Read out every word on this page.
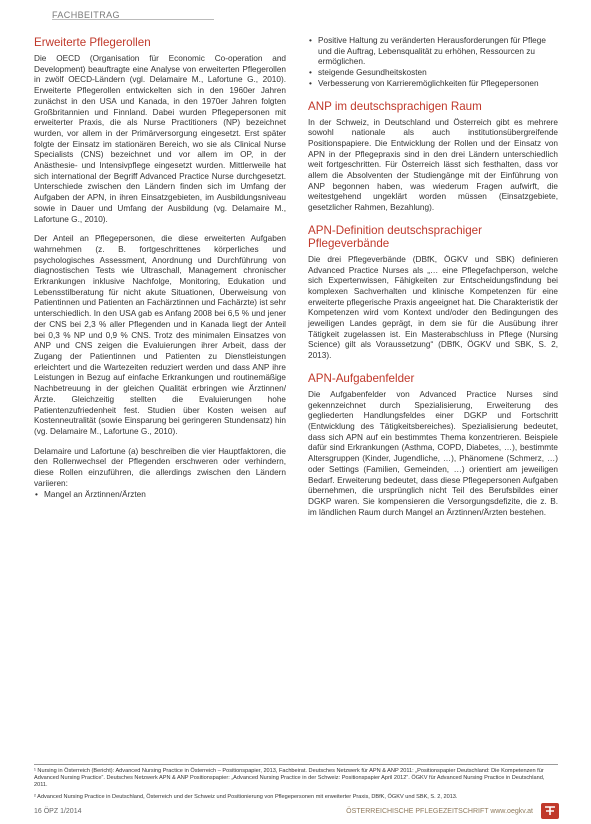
FACHBEITRAG
Erweiterte Pflegerollen

Die OECD (Organisation für Economic Co-operation and Development) beauftragte eine Analyse von erweiterten Pflegerollen in zwölf OECD-Ländern (vgl. Delamaire M., Lafortune G., 2010). Erweiterte Pflegerollen entwickelten sich in den 1960er Jahren zunächst in den USA und Kanada, in den 1970er Jahren folgten Großbritannien und Finnland. Dabei wurden Pflegepersonen mit erweiterter Praxis, die als Nurse Practitioners (NP) bezeichnet wurden, vor allem in der Primärversorgung eingesetzt. Erst später folgte der Einsatz im stationären Bereich, wo sie als Clinical Nurse Specialists (CNS) bezeichnet und vor allem im OP, in der Anästhesie- und Intensivpflege eingesetzt wurden. Mittlerweile hat sich international der Begriff Advanced Practice Nurse durchgesetzt. Unterschiede zwischen den Ländern finden sich im Umfang der Aufgaben der APN, in ihren Einsatzgebieten, im Ausbildungsniveau sowie in Dauer und Umfang der Ausbildung (vg. Delamaire M., Lafortune G., 2010).

Der Anteil an Pflegepersonen, die diese erweiterten Aufgaben wahrnehmen (z. B. fortgeschrittenes körperliches und psychologisches Assessment, Anordnung und Durchführung von diagnostischen Tests wie Ultraschall, Management chronischer Erkrankungen inklusive Nachfolge, Monitoring, Edukation und Lebensstilberatung für nicht akute Situationen, Überweisung von Patientinnen und Patienten an Fachärztinnen und Fachärzte) ist sehr unterschiedlich. In den USA gab es Anfang 2008 bei 6,5 % und jener der CNS bei 2,3 % aller Pflegenden und in Kanada liegt der Anteil bei 0,3 % NP und 0,9 % CNS. Trotz des minimalen Einsatzes von ANP und CNS zeigen die Evaluierungen ihrer Arbeit, dass der Zugang der Patientinnen und Patienten zu Dienstleistungen erleichtert und die Wartezeiten reduziert werden und dass ANP ihre Leistungen in Bezug auf einfache Erkrankungen und routinemäßige Nachbetreuung in der gleichen Qualität erbringen wie Ärztinnen/Ärzte. Gleichzeitig stellten die Evaluierungen hohe Patientenzufriedenheit fest. Studien über Kosten weisen auf Kostenneutralität (sowie Einsparung bei geringeren Stundensatz) hin (vg. Delamaire M., Lafortune G., 2010).

Delamaire und Lafortune (a) beschreiben die vier Hauptfaktoren, die den Rollenwechsel der Pflegenden erschweren oder verhindern, diese Rollen einzuführen, die allerdings zwischen den Ländern variieren:

• Mangel an Ärztinnen/Ärzten
• Positive Haltung zu veränderten Herausforderungen für Pflege und die Auftrag, Lebensqualität zu erhöhen, Ressourcen zu ermöglichen.
• steigende Gesundheitskosten
• Verbesserung von Karrieremöglichkeiten für Pflegepersonen
ANP im deutschsprachigen Raum

In der Schweiz, in Deutschland und Österreich gibt es mehrere sowohl nationale als auch institutionsübergreifende Positionspapiere. Die Entwicklung der Rollen und der Einsatz von APN in der Pflegepraxis sind in den drei Ländern unterschiedlich weit fortgeschritten. Für Österreich lässt sich festhalten, dass vor allem die Absolventen der Studiengänge mit der Einführung von ANP begonnen haben, was wiederum Fragen aufwirft, die weitestgehend ungeklärt worden müssen (Einsatzgebiete, gesetzlicher Rahmen, Bezahlung).

APN-Definition deutschsprachiger Pflegeverbände

Die drei Pflegeverbände (DBfK, ÖGKV und SBK) definieren Advanced Practice Nurses als „… eine Pflegefachperson, welche sich Expertenwissen, Fähigkeiten zur Entscheidungsfindung bei komplexen Sachverhalten und klinische Kompetenzen für eine erweiterte pflegerische Praxis angeeignet hat. Die Charakteristik der Kompetenzen wird vom Kontext und/oder den Bedingungen des jeweiligen Landes geprägt, in dem sie für die Ausübung ihrer Tätigkeit zugelassen ist. Ein Masterabschluss in Pflege (Nursing Science) gilt als Voraussetzung“ (DBfK, ÖGKV und SBK, S. 2, 2013).

APN-Aufgabenfelder

Die Aufgabenfelder von Advanced Practice Nurses sind gekennzeichnet durch Spezialisierung, Erweiterung des gegliederten Handlungsfeldes einer DGKP und Fortschritt (Entwicklung des Tätigkeitsbereiches). Spezialisierung bedeutet, dass sich APN auf ein bestimmtes Thema konzentrieren. Beispiele dafür sind Erkrankungen (Asthma, COPD, Diabetes, …), bestimmte Altersgruppen (Kinder, Jugendliche, …), Phänomene (Schmerz, …) oder Settings (Familien, Gemeinden, …) orientiert am jeweiligen Bedarf. Erweiterung bedeutet, dass diese Pflegepersonen Aufgaben übernehmen, die ursprünglich nicht Teil des Berufsbildes einer DGKP waren. Sie kompensieren die Versorgungsdefizite, die z. B. im ländlichen Raum durch Mangel an Ärztinnen/Ärzten bestehen.

¹ Nursing in Österreich (Bericht): Advanced Nursing Practice in Österreich – Positionspapier, 2013, Fachbeirat. Deutsches Netzwerk für APN & ANP 2011: „Positionspapier Deutschland: Die Kompetenzen für Advanced Nursing Practice“. Deutsches Netzwerk APN & ANP Positionspapier: „Advanced Nursing Practice in der Schweiz: Positionspapier April 2012“. ÖGKV für Advanced Nursing Practice in Deutschland, 2011.
² Advanced Nursing Practice in Deutschland, Österreich und der Schweiz und Positionierung von Pflegepersonen mit erweiterter Praxis, DBfK, ÖGKV und SBK, S. 2, 2013.
16 ÖPZ 1/2014	ÖSTERREICHISCHE PFLEGEZEITSCHRIFT www.oegkv.at
